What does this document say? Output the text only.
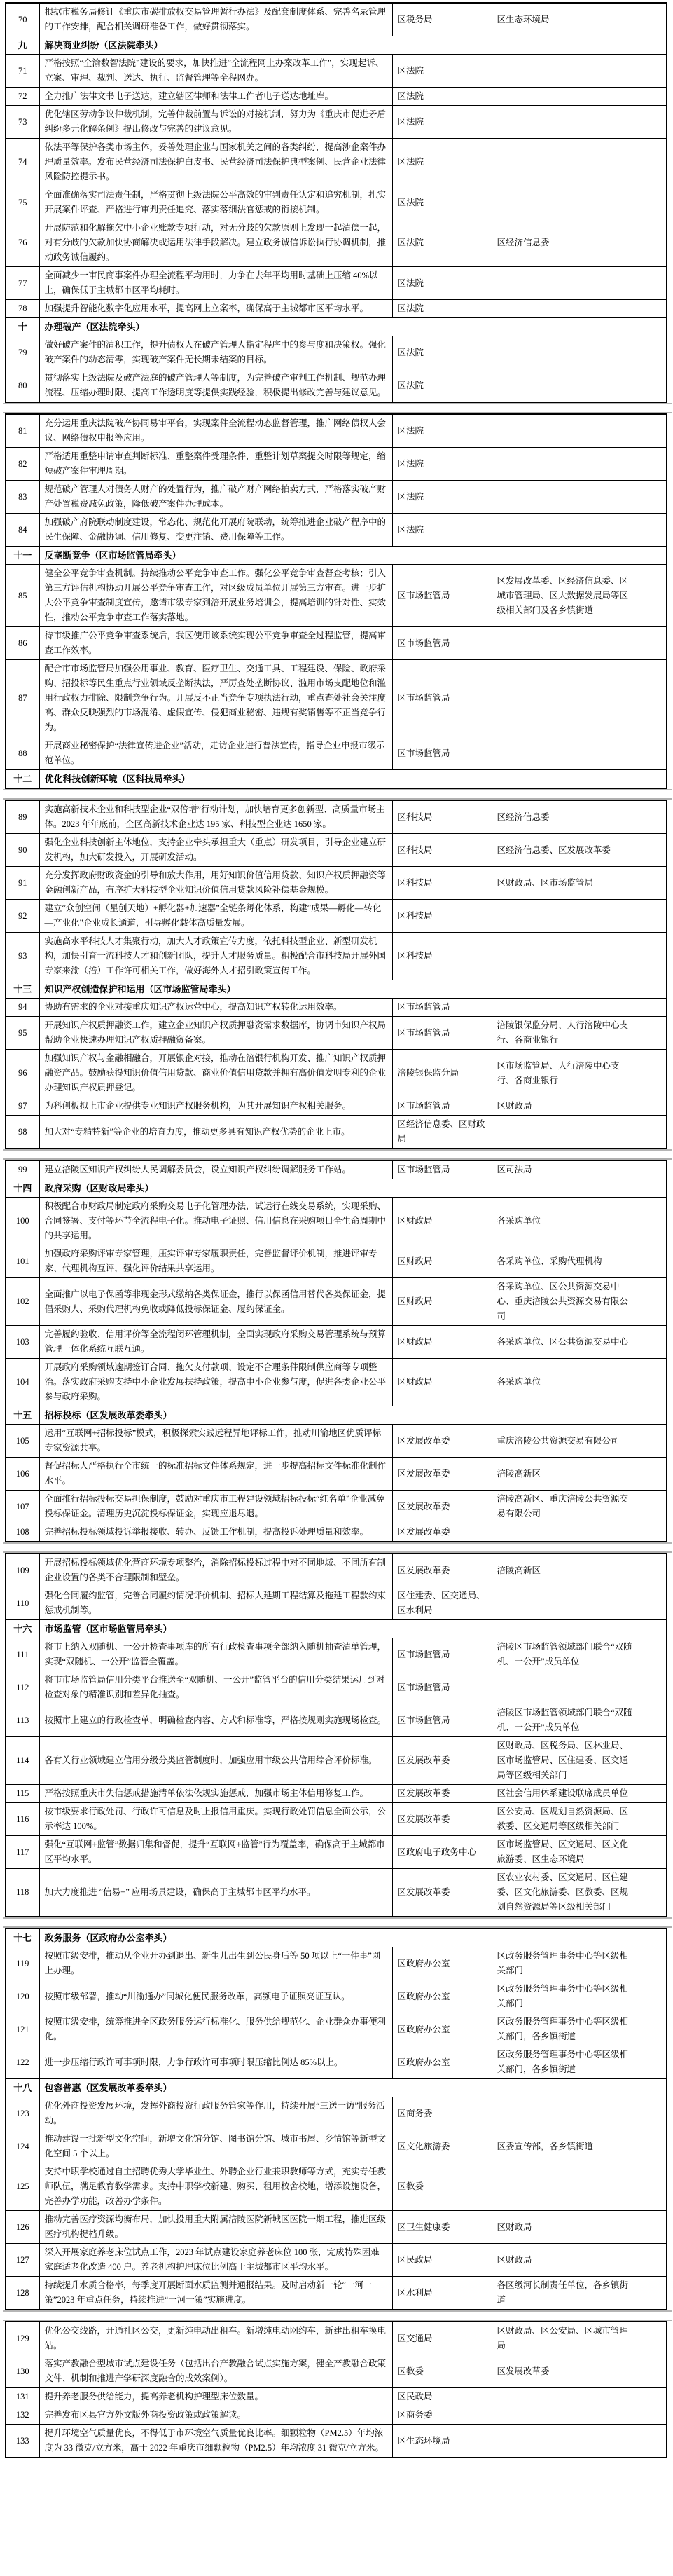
70	根据市税务局修订《重庆市碳排放权交易管理暂行办法》及配套制度体系、完善名录管理的工作安排，配合相关调研准备工作，做好贯彻落实。	区税务局	区生态环境局	
九	解决商业纠纷（区法院牵头）			
71	严格按照“全渝数智法院”建设的要求，加快推进“全流程网上办案改革工作”，实现起诉、立案、审理、裁判、送达、执行、监督管理等全程网办。	区法院		
72	全力推广法律文书电子送达，建立辖区律师和法律工作者电子送达地址库。	区法院		
73	优化辖区劳动争议仲裁机制，完善仲裁前置与诉讼的对接机制，努力为《重庆市促进矛盾纠纷多元化解条例》提出修改与完善的建议意见。	区法院		
74	依法平等保护各类市场主体，妥善处理企业与国家机关之间的各类纠纷，提高涉企案件办理质量效率。发布民营经济司法保护白皮书、民营经济司法保护典型案例、民营企业法律风险防控提示书。	区法院		
75	全面准确落实司法责任制，严格贯彻上级法院公平高效的审判责任认定和追究机制，扎实开展案件评查、严格进行审判责任追究、落实落细法官惩戒的衔接机制。	区法院		
76	开展防范和化解拖欠中小企业账款专项行动，对无分歧的欠款原则上发现一起清偿一起，对有分歧的欠款加快协商解决或运用法律手段解决。建立政务诚信诉讼执行协调机制，推动政务诚信履约。	区法院	区经济信息委	
77	全面减少一审民商事案件办理全流程平均用时，力争在去年平均用时基础上压缩 40%以上，确保低于主城都市区平均耗时。	区法院		
78	加强提升智能化数字化应用水平，提高网上立案率，确保高于主城都市区平均水平。	区法院		
十	办理破产（区法院牵头）			
79	做好破产案件的清积工作，提升债权人在破产管理人指定程序中的参与度和决策权。强化破产案件的动态清零，实现破产案件无长期未结案的目标。	区法院		
80	贯彻落实上级法院及破产法庭的破产管理人等制度，为完善破产审判工作机制、规范办理流程、压缩办理时限、提高工作透明度等提供实践经验，积极提出修改完善与建议意见。	区法院		
81	充分运用重庆法院破产协同易审平台，实现案件全流程动态监督管理，推广网络债权人会议、网络债权申报等应用。	区法院		
82	严格适用重整申请审查判断标准、重整案件受理条件，重整计划草案提交时限等规定，缩短破产案件审理周期。	区法院		
83	规范破产管理人对债务人财产的处置行为，推广破产财产网络拍卖方式，严格落实破产财产处置税费减免政策，降低破产案件办理成本。	区法院		
84	加强破产府院联动制度建设，常态化、规范化开展府院联动，统筹推进企业破产程序中的民生保障、金融协调、信用修复、变更注销、费用保障等工作。	区法院		
十一	反垄断竞争（区市场监管局牵头）			
85	健全公平竞争审查机制。持续推动公平竞争审查工作。强化公平竞争审查督查考核；引入第三方评估机构协助开展公平竞争审查工作，对区级成员单位开展第三方审查。进一步扩大公平竞争审查制度宣传，邀请市级专家到涪开展业务培训会，提高培训的针对性、实效性，推动公平竞争审查工作落实落地。	区市场监管局	区发展改革委、区经济信息委、区城市管理局、区大数据发展局等区级相关部门及各乡镇街道	
86	待市级推广公平竞争审查系统后，我区使用该系统实现公平竞争审查全过程监管，提高审查工作效率。	区市场监管局		
87	配合市市场监管局加强公用事业、教育、医疗卫生、交通工具、工程建设、保险、政府采购、招投标等民生重点行业领域反垄断执法，严厉查处垄断协议、滥用市场支配地位和滥用行政权力排除、限制竞争行为。开展反不正当竞争专项执法行动，重点查处社会关注度高、群众反映强烈的市场混淆、虚假宣传、侵犯商业秘密、违规有奖销售等不正当竞争行为。	区市场监管局		
88	开展商业秘密保护“法律宣传进企业”活动，走访企业进行普法宣传，指导企业申报市级示范单位。	区市场监管局		
十二	优化科技创新环境（区科技局牵头）			
89	实施高新技术企业和科技型企业“双倍增”行动计划，加快培育更多创新型、高质量市场主体。2023 年年底前，全区高新技术企业达 195 家、科技型企业达 1650 家。	区科技局	区经济信息委	
90	强化企业科技创新主体地位，支持企业牵头承担重大（重点）研发项目，引导企业建立研发机构，加大研发投入，开展研发活动。	区科技局	区经济信息委、区发展改革委	
91	充分发挥政府财政资金的引导和放大作用，用好知识价值信用贷款、知识产权质押融资等金融创新产品，有序扩大科技型企业知识价值信用贷款风险补偿基金规模。	区科技局	区财政局、区市场监管局	
92	建立“众创空间（星创天地）+孵化器+加速器”全链条孵化体系，构建“成果—孵化—转化—产业化”企业成长通道，引导孵化载体高质量发展。	区科技局		
93	实施高水平科技人才集聚行动，加大人才政策宣传力度，依托科技型企业、新型研发机构，加快引育一流科技人才和创新团队，提升人才服务质量。积极配合市科技局开展外国专家来渝（涪）工作许可相关工作，做好海外人才招引政策宣传工作。	区科技局		
十三	知识产权创造保护和运用（区市场监管局牵头）			
94	协助有需求的企业对接重庆知识产权运营中心，提高知识产权转化运用效率。	区市场监管局		
95	开展知识产权质押融资工作，建立企业知识产权质押融资需求数据库，协调市知识产权局帮助企业快速办理知识产权质押融资备案。	区市场监管局	涪陵银保监分局、人行涪陵中心支行、各商业银行	
96	加强知识产权与金融相融合，开展银企对接，推动在涪银行机构开发、推广知识产权质押融资产品。鼓励获得知识价值信用贷款、商业价值信用贷款并拥有高价值发明专利的企业办理知识产权质押登记。	涪陵银保监分局	区市场监管局、人行涪陵中心支行、各商业银行	
97	为科创板拟上市企业提供专业知识产权服务机构，为其开展知识产权相关服务。	区市场监管局	区财政局	
98	加大对“专精特新”等企业的培育力度，推动更多具有知识产权优势的企业上市。	区经济信息委、区财政局		
99	建立涪陵区知识产权纠纷人民调解委员会，设立知识产权纠纷调解服务工作站。	区市场监管局	区司法局	
十四	政府采购（区财政局牵头）			
100	积极配合市财政局制定政府采购交易电子化管理办法，试运行在线交易系统，实现采购、合同签署、支付等环节全流程电子化。推动电子证照、信用信息在采购项目全生命周期中的共享运用。	区财政局	各采购单位	
101	加强政府采购评审专家管理，压实评审专家履职责任，完善监督评价机制，推进评审专家、代理机构互评，强化评价结果共享运用。	区财政局	各采购单位、采购代理机构	
102	全面推广以电子保函等非现金形式缴纳各类保证金，推行以保函信用替代各类保证金，提倡采购人、采购代理机构免收或降低投标保证金、履约保证金。	区财政局	各采购单位、区公共资源交易中心、重庆涪陵公共资源交易有限公司	
103	完善履约验收、信用评价等全流程闭环管理机制，全面实现政府采购交易管理系统与预算管理一体化系统互联互通。	区财政局	各采购单位、区公共资源交易中心	
104	开展政府采购领域逾期签订合同、拖欠支付款项、设定不合理条件限制供应商等专项整治。落实政府采购支持中小企业发展扶持政策，提高中小企业参与度，促进各类企业公平参与政府采购。	区财政局	各采购单位	
十五	招标投标（区发展改革委牵头）			
105	运用“互联网+招标投标”模式，积极探索实践远程异地评标工作，推动川渝地区优质评标专家资源共享。	区发展改革委	重庆涪陵公共资源交易有限公司	
106	督促招标人严格执行全市统一的标准招标文件体系规定，进一步提高招标文件标准化制作水平。	区发展改革委	涪陵高新区	
107	全面推行招标投标交易担保制度，鼓励对重庆市工程建设领域招标投标“红名单”企业减免投标保证金。清理历史沉淀投标保证金，实现应退尽退。	区发展改革委	涪陵高新区、重庆涪陵公共资源交易有限公司	
108	完善招标投标领域投诉举报接收、转办、反馈工作机制，提高投诉处理质量和效率。	区发展改革委		
109	开展招标投标领域优化营商环境专项整治，消除招标投标过程中对不同地域、不同所有制企业设置的各类不合理限制和壁垒。	区发展改革委	涪陵高新区	
110	强化合同履约监管，完善合同履约情况评价机制、招标人延期工程结算及拖延工程款约束惩戒机制等。	区住建委、区交通局、区水利局		
十六	市场监管（区市场监管局牵头）			
111	将市上纳入双随机、一公开检查事项库的所有行政检查事项全部纳入随机抽查清单管理，实现“双随机、一公开”监管全覆盖。	区市场监管局	涪陵区市场监管领域部门联合“双随机、一公开”成员单位	
112	将市市场监管局信用分类平台推送至“双随机、一公开”监管平台的信用分类结果运用到对检查对象的精准识别和差异化抽查。	区市场监管局		
113	按照市上建立的行政检查单，明确检查内容、方式和标准等，严格按规则实施现场检查。	区市场监管局	涪陵区市场监管领域部门联合“双随机、一公开”成员单位	
114	各有关行业领域建立信用分级分类监管制度时，加强应用市级公共信用综合评价标准。	区发展改革委	区财政局、区税务局、区林业局、区市场监管局、区住建委、区交通局等区级相关部门	
115	严格按照重庆市失信惩戒措施清单依法依规实施惩戒，加强市场主体信用修复工作。	区发展改革委	区社会信用体系建设联席成员单位	
116	按市级要求行政处罚、行政许可信息及时上报信用重庆。实现行政处罚信息全面公示，公示率达 100%。	区发展改革委	区公安局、区规划自然资源局、区教委、区交通局等区级相关部门	
117	强化“互联网+监管”数据归集和督促，提升“互联网+监管”行为覆盖率，确保高于主城都市区平均水平。	区政府电子政务中心	区市场监管局、区交通局、区文化旅游委、区生态环境局	
118	加大力度推进 “信易+” 应用场景建设，确保高于主城都市区平均水平。	区发展改革委	区农业农村委、区交通局、区住建委、区文化旅游委、区教委、区规划自然资源局等区级相关部门	
十七	政务服务（区政府办公室牵头）			
119	按照市级安排，推动从企业开办到退出、新生儿出生到公民身后等 50 项以上“一件事”网上办理。	区政府办公室	区政务服务管理事务中心等区级相关部门	
120	按照市级部署，推动“川渝通办”同城化便民服务改革，高频电子证照亮证互认。	区政府办公室	区政务服务管理事务中心等区级相关部门	
121	按照市级安排，统筹推进全区政务服务运行标准化、服务供给规范化、企业群众办事便利化。	区政府办公室	区政务服务管理事务中心等区级相关部门，各乡镇街道	
122	进一步压缩行政许可事项时限，力争行政许可事项时限压缩比例达 85%以上。	区政府办公室	区政务服务管理事务中心等区级相关部门，各乡镇街道	
十八	包容普惠（区发展改革委牵头）			
123	优化外商投资发展环境，发挥外商投资行政服务管家等作用，持续开展“三送一访”服务活动。	区商务委		
124	推动建设一批新型文化空间，新增文化馆分馆、图书馆分馆、城市书屋、乡情馆等新型文化空间 5 个以上。	区文化旅游委	区委宣传部，各乡镇街道	
125	支持中职学校通过自主招聘优秀大学毕业生、外聘企业行业兼职教师等方式，充实专任教师队伍，满足教育教学需求。支持中职学校新建、购买、租用校舍校地，增添设施设备，完善办学功能，改善办学条件。	区教委		
126	推动完善医疗资源均衡布局，加快投用重大附属涪陵医院新城区医院一期工程，推进区级医疗机构提档升级。	区卫生健康委	区财政局	
127	深入开展家庭养老床位试点工作，2023 年试点建设家庭养老床位 100 张，完成特殊困难家庭适老化改造 400 户。养老机构护理床位比例高于主城都市区平均水平。	区民政局	区财政局	
128	持续提升水质合格率，每季度开展断面水质监测并通报结果。及时启动新一轮“一河一策”2023 年重点任务，持续推进“一河一策”实施进度。	区水利局	各区级河长制责任单位，各乡镇街道	
129	优化公交线路，开通社区公交，更新纯电动出租车。新增纯电动网约车，新建出租车换电站。	区交通局	区财政局、区公安局、区城市管理局	
130	落实产教融合型城市试点建设任务（包括出台产教融合试点实施方案，健全产教融合政策文件、机制和推进产学研深度融合的成效案例）。	区教委	区发展改革委	
131	提升养老服务供给能力，提高养老机构护理型床位数量。	区民政局		
132	完善发布区县官方外文版外商投资政策或政策解读。	区商务委		
133	提升环境空气质量优良，不得低于市环境空气质量优良比率。细颗粒物（PM2.5）年均浓度为 33 微克/立方米，高于 2022 年重庆市细颗粒物（PM2.5）年均浓度 31 微克/立方米。	区生态环境局		
